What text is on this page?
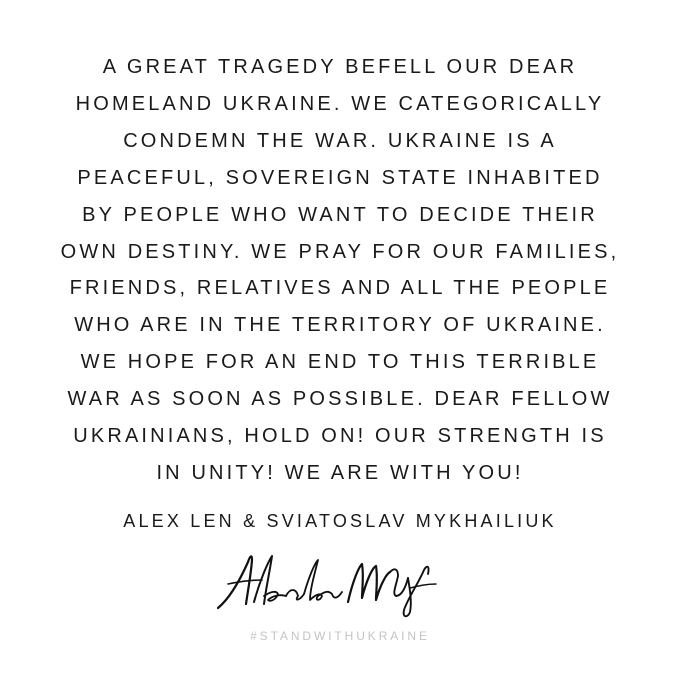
A GREAT TRAGEDY BEFELL OUR DEAR
HOMELAND UKRAINE. WE CATEGORICALLY
CONDEMN THE WAR. UKRAINE IS A
PEACEFUL, SOVEREIGN STATE INHABITED
BY PEOPLE WHO WANT TO DECIDE THEIR
OWN DESTINY. WE PRAY FOR OUR FAMILIES,
FRIENDS, RELATIVES AND ALL THE PEOPLE
WHO ARE IN THE TERRITORY OF UKRAINE.
WE HOPE FOR AN END TO THIS TERRIBLE
WAR AS SOON AS POSSIBLE. DEAR FELLOW
UKRAINIANS, HOLD ON! OUR STRENGTH IS
IN UNITY! WE ARE WITH YOU!
ALEX LEN & SVIATOSLAV MYKHAILIUK
#STANDWITHUKRAINE
